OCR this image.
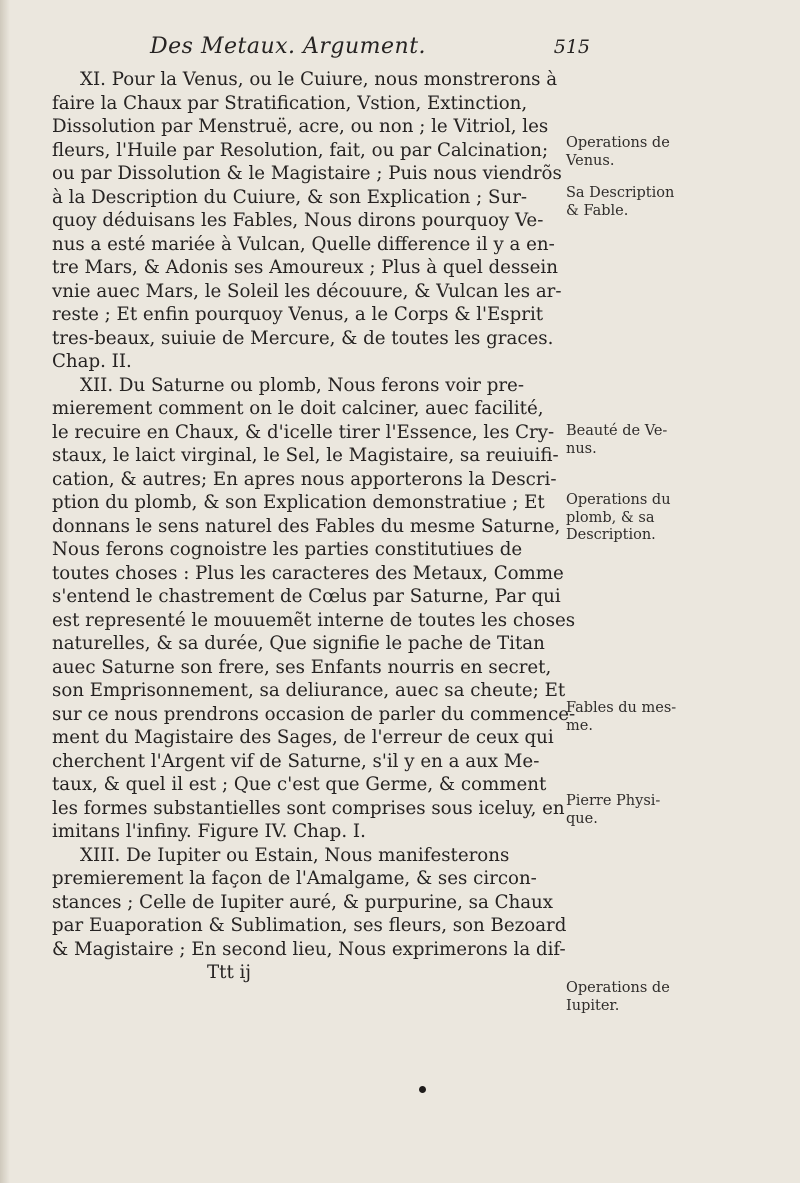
Des Metaux. Argument.	515
XI. Pour la Venus, ou le Cuiure, nous monstrerons à
faire la Chaux par Stratification, Vstion, Extinction,
Dissolution par Menstruë, acre, ou non ; le Vitriol, les
fleurs, l'Huile par Resolution, fait, ou par Calcination;
ou par Dissolution & le Magistaire ; Puis nous viendrõs
à la Description du Cuiure, & son Explication ; Sur-
quoy déduisans les Fables, Nous dirons pourquoy Ve-
nus a esté mariée à Vulcan, Quelle difference il y a en-
tre Mars, & Adonis ses Amoureux ; Plus à quel dessein
vnie auec Mars, le Soleil les découure, & Vulcan les ar-
reste ; Et enfin pourquoy Venus, a le Corps & l'Esprit
tres-beaux, suiuie de Mercure, & de toutes les graces.
Chap. II.
XII. Du Saturne ou plomb, Nous ferons voir pre-
mierement comment on le doit calciner, auec facilité,
le recuire en Chaux, & d'icelle tirer l'Essence, les Cry-
staux, le laict virginal, le Sel, le Magistaire, sa reuiuifi-
cation, & autres; En apres nous apporterons la Descri-
ption du plomb, & son Explication demonstratiue ; Et
donnans le sens naturel des Fables du mesme Saturne,
Nous ferons cognoistre les parties constitutiues de
toutes choses : Plus les caracteres des Metaux, Comme
s'entend le chastrement de Cœlus par Saturne, Par qui
est representé le mouuemẽt interne de toutes les choses
naturelles, & sa durée, Que signifie le pache de Titan
auec Saturne son frere, ses Enfants nourris en secret,
son Emprisonnement, sa deliurance, auec sa cheute; Et
sur ce nous prendrons occasion de parler du commence-
ment du Magistaire des Sages, de l'erreur de ceux qui
cherchent l'Argent vif de Saturne, s'il y en a aux Me-
taux, & quel il est ; Que c'est que Germe, & comment
les formes substantielles sont comprises sous iceluy, en
imitans l'infiny. Figure IV. Chap. I.
XIII. De Iupiter ou Estain, Nous manifesterons
premierement la façon de l'Amalgame, & ses circon-
stances ; Celle de Iupiter auré, & purpurine, sa Chaux
par Euaporation & Sublimation, ses fleurs, son Bezoard
& Magistaire ; En second lieu, Nous exprimerons la dif-
Ttt ij
Operations de
Venus.
Sa Description
& Fable.
Beauté de Ve-
nus.
Operations du
plomb, & sa
Description.
Fables du mes-
me.
Pierre Physi-
que.
Operations de
Iupiter.
